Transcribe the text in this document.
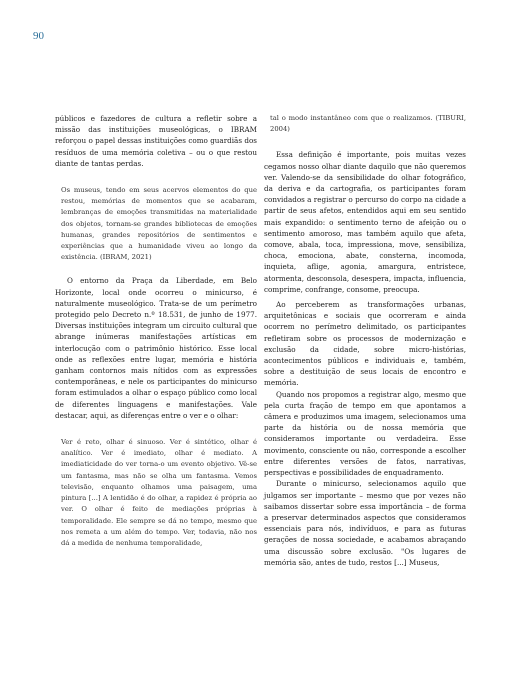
90

públicos e fazedores de cultura a refletir sobre a missão das instituições museológicas, o IBRAM reforçou o papel dessas instituições como guardiãs dos resíduos de uma memória coletiva – ou o que restou diante de tantas perdas.

Os museus, tendo em seus acervos elementos do que restou, memórias de momentos que se acabaram, lembranças de emoções transmitidas na materialidade dos objetos, tornam-se grandes bibliotecas de emoções humanas, grandes repositórios de sentimentos e experiências que a humanidade viveu ao longo da existência. (IBRAM, 2021)

O entorno da Praça da Liberdade, em Belo Horizonte, local onde ocorreu o minicurso, é naturalmente museológico. Trata-se de um perímetro protegido pelo Decreto n.º 18.531, de junho de 1977. Diversas instituições integram um circuito cultural que abrange inúmeras manifestações artísticas em interlocução com o patrimônio histórico. Esse local onde as reflexões entre lugar, memória e história ganham contornos mais nítidos com as expressões contemporâneas, e nele os participantes do minicurso foram estimulados a olhar o espaço público como local de diferentes linguagens e manifestações. Vale destacar, aqui, as diferenças entre o ver e o olhar:

Ver é reto, olhar é sinuoso. Ver é sintético, olhar é analítico. Ver é imediato, olhar é mediato. A imediaticidade do ver torna-o um evento objetivo. Vê-se um fantasma, mas não se olha um fantasma. Vemos televisão, enquanto olhamos uma paisagem, uma pintura [...] A lentidão é do olhar, a rapidez é própria ao ver. O olhar é feito de mediações próprias à temporalidade. Ele sempre se dá no tempo, mesmo que nos remeta a um além do tempo. Ver, todavia, não nos dá a medida de nenhuma temporalidade,

tal o modo instantâneo com que o realizamos. (TIBURI, 2004)

Essa definição é importante, pois muitas vezes cegamos nosso olhar diante daquilo que não queremos ver. Valendo-se da sensibilidade do olhar fotográfico, da deriva e da cartografia, os participantes foram convidados a registrar o percurso do corpo na cidade a partir de seus afetos, entendidos aqui em seu sentido mais expandido: o sentimento terno de afeição ou o sentimento amoroso, mas também aquilo que afeta, comove, abala, toca, impressiona, move, sensibiliza, choca, emociona, abate, consterna, incomoda, inquieta, aflige, agonia, amargura, entristece, atormenta, desconsola, desespera, impacta, influencia, comprime, confrange, consome, preocupa.

Ao perceberem as transformações urbanas, arquitetônicas e sociais que ocorreram e ainda ocorrem no perímetro delimitado, os participantes refletiram sobre os processos de modernização e exclusão da cidade, sobre micro-histórias, acontecimentos públicos e individuais e, também, sobre a destituição de seus locais de encontro e memória.

Quando nos propomos a registrar algo, mesmo que pela curta fração de tempo em que apontamos a câmera e produzimos uma imagem, selecionamos uma parte da história ou de nossa memória que consideramos importante ou verdadeira. Esse movimento, consciente ou não, corresponde a escolher entre diferentes versões de fatos, narrativas, perspectivas e possibilidades de enquadramento.

Durante o minicurso, selecionamos aquilo que julgamos ser importante – mesmo que por vezes não saibamos dissertar sobre essa importância – de forma a preservar determinados aspectos que consideramos essenciais para nós, indivíduos, e para as futuras gerações de nossa sociedade, e acabamos abraçando uma discussão sobre exclusão. "Os lugares de memória são, antes de tudo, restos [...] Museus,
